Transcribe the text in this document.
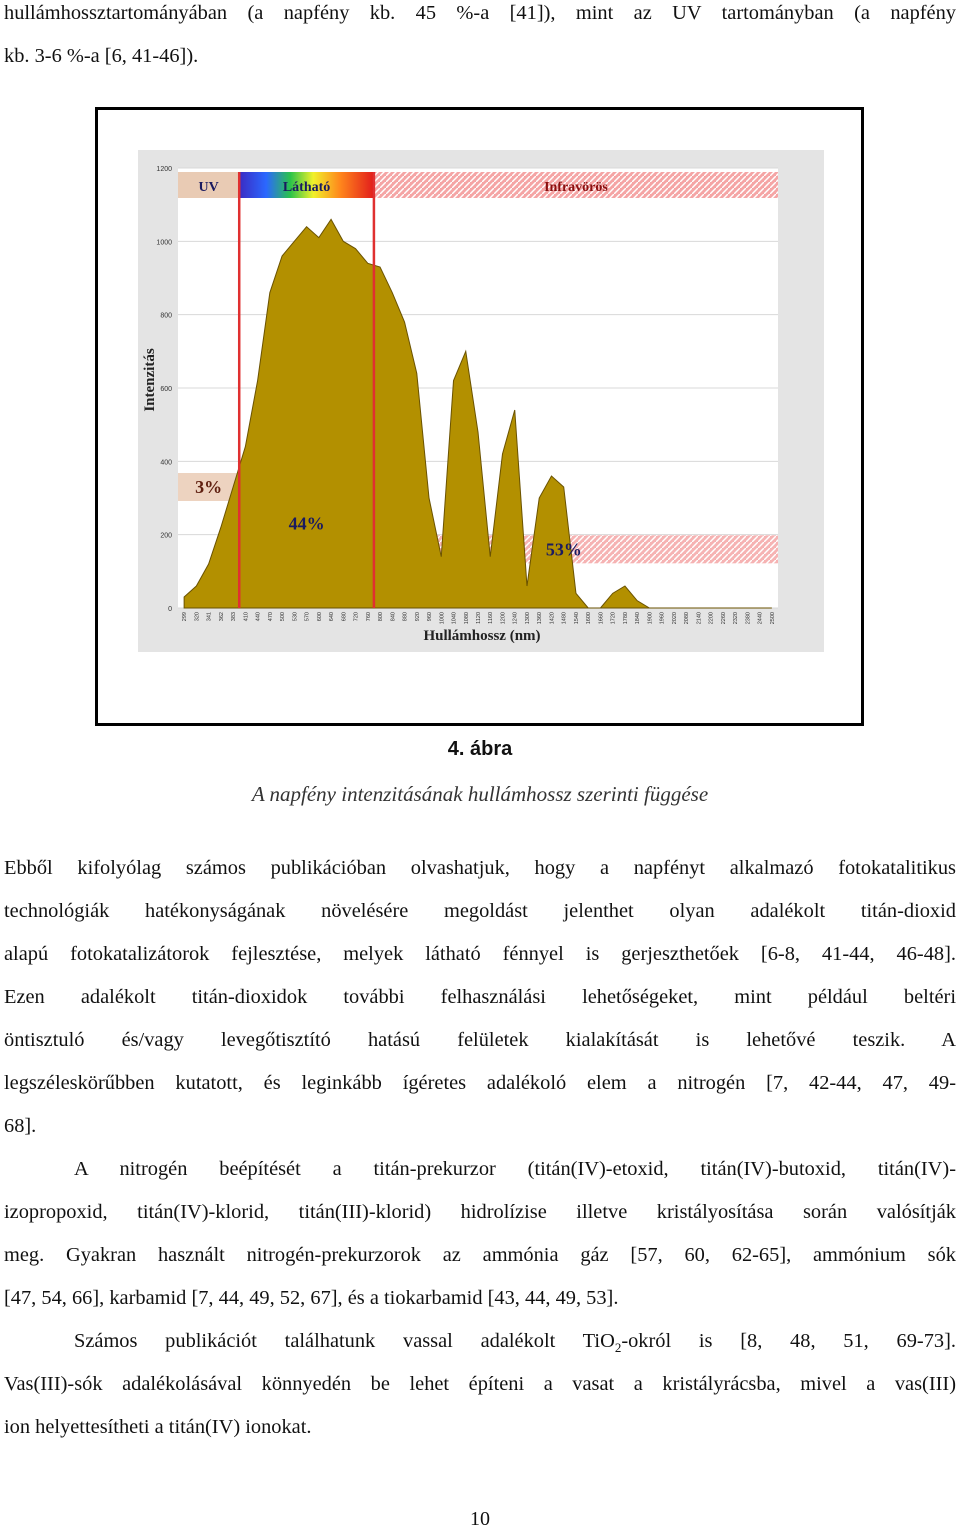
hullámhossztartományában (a napfény kb. 45 %-a [41]), mint az UV tartományban (a napfény

kb. 3-6 %-a [6, 41-46]).

UV
3%
Látható
44%
Infravörös
53%
0
200
400
600
800
1000
1200
299 320 341 362 383 410 440 470 500 530 570 600 640 680 720 760 800 840 880 920 960 1000 1040 1080 1120 1160 1200 1240 1300 1360 1420 1480 1540 1600 1660 1720 1780 1840 1900 1960 2020 2080 2140 2200 2260 2320 2380 2440 2500
Intenzitás
Hullámhossz (nm)
4. ábra
A napfény intenzitásának hullámhossz szerinti függése

Ebből kifolyólag számos publikációban olvashatjuk, hogy a napfényt alkalmazó fotokatalitikus

technológiák hatékonyságának növelésére megoldást jelenthet olyan adalékolt titán-dioxid

alapú fotokatalizátorok fejlesztése, melyek látható fénnyel is gerjeszthetőek [6-8, 41-44, 46-48].

Ezen adalékolt titán-dioxidok további felhasználási lehetőségeket, mint például beltéri

öntisztuló és/vagy levegőtisztító hatású felületek kialakítását is lehetővé teszik. A

legszéleskörűbben kutatott, és leginkább ígéretes adalékoló elem a nitrogén [7, 42-44, 47, 49-

68].

A nitrogén beépítését a titán-prekurzor (titán(IV)-etoxid, titán(IV)-butoxid, titán(IV)-

izopropoxid, titán(IV)-klorid, titán(III)-klorid) hidrolízise illetve kristályosítása során valósítják

meg. Gyakran használt nitrogén-prekurzorok az ammónia gáz [57, 60, 62-65], ammónium sók

[47, 54, 66], karbamid [7, 44, 49, 52, 67], és a tiokarbamid [43, 44, 49, 53].

Számos publikációt találhatunk vassal adalékolt TiO$_2$-okról is [8, 48, 51, 69-73].

Vas(III)-sók adalékolásával könnyedén be lehet építeni a vasat a kristályrácsba, mivel a vas(III)

ion helyettesítheti a titán(IV) ionokat.

10
